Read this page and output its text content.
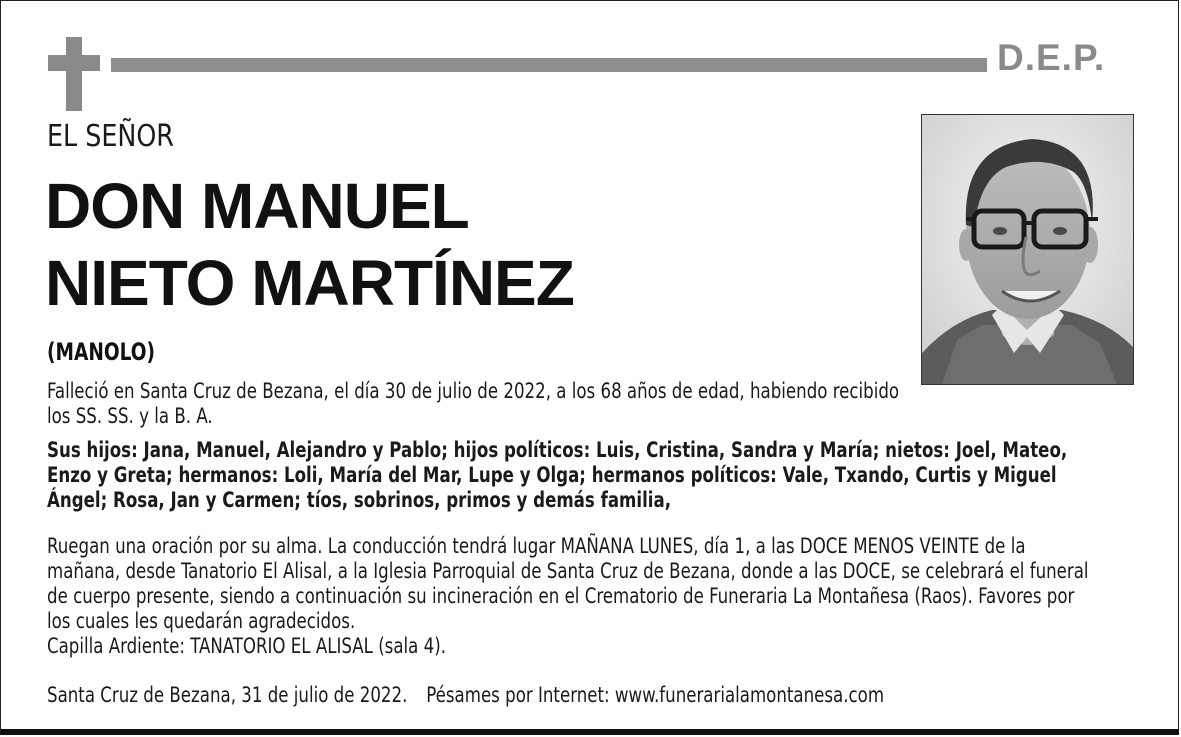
D.E.P.
EL SEÑOR
DON MANUEL
NIETO MARTÍNEZ
(MANOLO)

Falleció en Santa Cruz de Bezana, el día 30 de julio de 2022, a los 68 años de edad, habiendo recibido los SS. SS. y la B. A.

Sus hijos: Jana, Manuel, Alejandro y Pablo; hijos políticos: Luis, Cristina, Sandra y María; nietos: Joel, Mateo, Enzo y Greta; hermanos: Loli, María del Mar, Lupe y Olga; hermanos políticos: Vale, Txando, Curtis y Miguel Ángel; Rosa, Jan y Carmen; tíos, sobrinos, primos y demás familia,

Ruegan una oración por su alma. La conducción tendrá lugar MAÑANA LUNES, día 1, a las DOCE MENOS VEINTE de la mañana, desde Tanatorio El Alisal, a la Iglesia Parroquial de Santa Cruz de Bezana, donde a las DOCE, se celebrará el funeral de cuerpo presente, siendo a continuación su incineración en el Crematorio de Funeraria La Montañesa (Raos). Favores por los cuales les quedarán agradecidos.
Capilla Ardiente: TANATORIO EL ALISAL (sala 4).

Santa Cruz de Bezana, 31 de julio de 2022. Pésames por Internet: www.funerarialamontanesa.com
